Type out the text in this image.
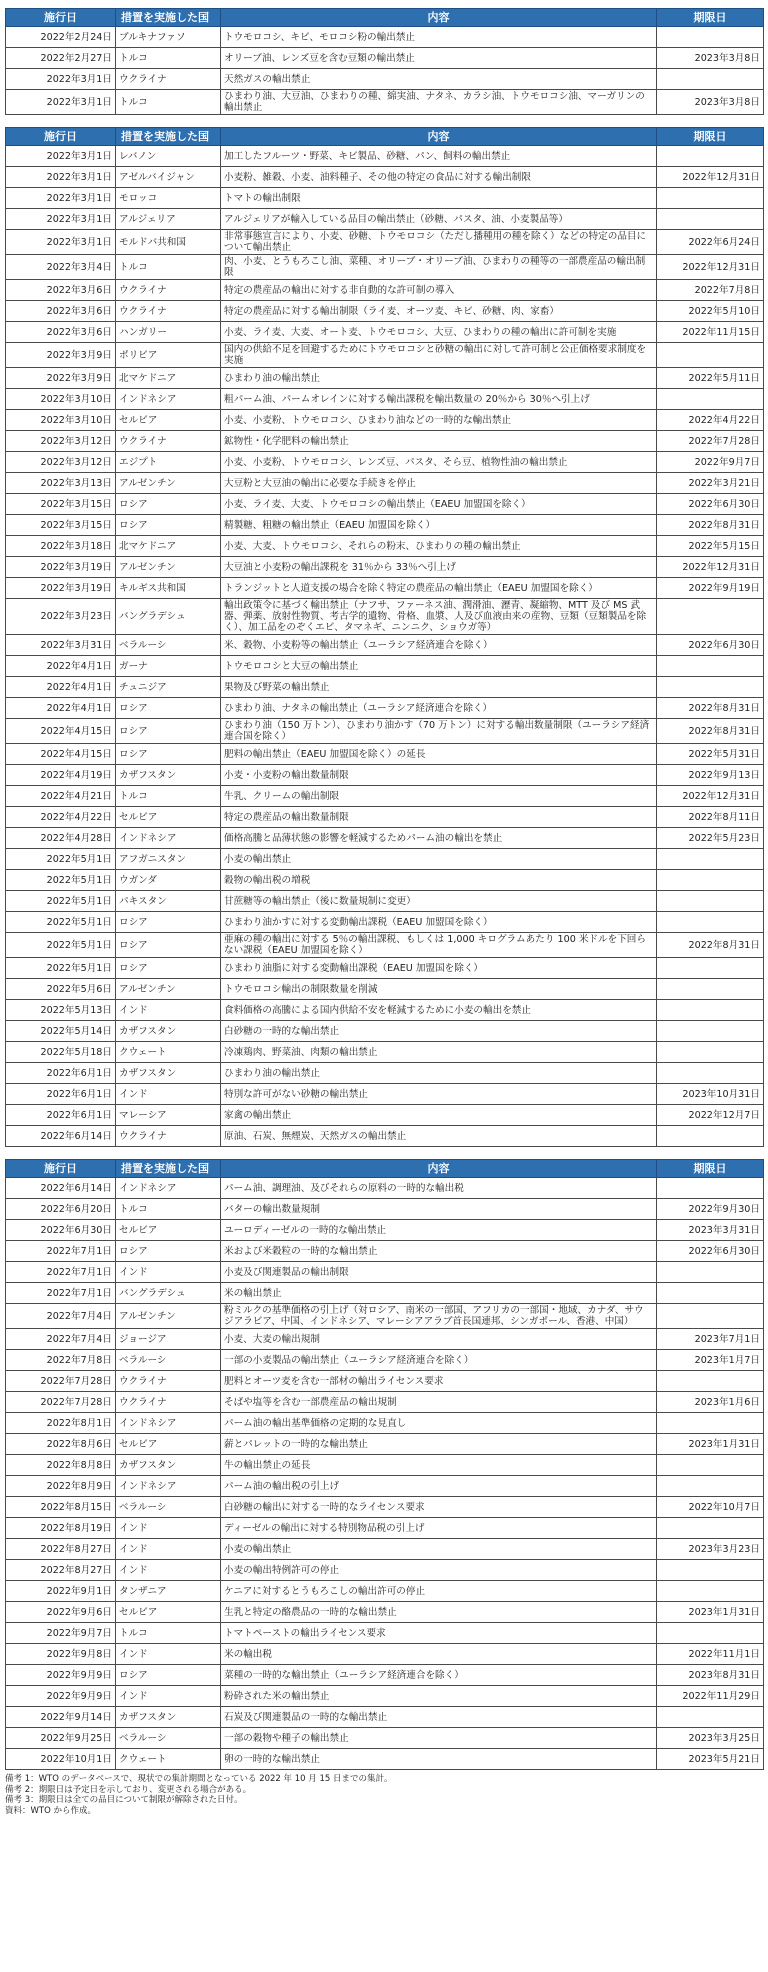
施行日	措置を実施した国	内容	期限日
2022年2月24日	ブルキナファソ	トウモロコシ、キビ、モロコシ粉の輸出禁止	
2022年2月27日	トルコ	オリーブ油、レンズ豆を含む豆類の輸出禁止	2023年3月8日
2022年3月1日	ウクライナ	天然ガスの輸出禁止	
2022年3月1日	トルコ	ひまわり油、大豆油、ひまわりの種、綿実油、ナタネ、カラシ油、トウモロコシ油、マーガリンの輸出禁止	2023年3月8日
施行日	措置を実施した国	内容	期限日
2022年3月1日	レバノン	加工したフルーツ・野菜、キビ製品、砂糖、パン、飼料の輸出禁止	
2022年3月1日	アゼルバイジャン	小麦粉、雑穀、小麦、油料種子、その他の特定の食品に対する輸出制限	2022年12月31日
2022年3月1日	モロッコ	トマトの輸出制限	
2022年3月1日	アルジェリア	アルジェリアが輸入している品目の輸出禁止（砂糖、パスタ、油、小麦製品等）	
2022年3月1日	モルドバ共和国	非常事態宣言により、小麦、砂糖、トウモロコシ（ただし播種用の種を除く）などの特定の品目について輸出禁止	2022年6月24日
2022年3月4日	トルコ	肉、小麦、とうもろこし油、菜種、オリーブ・オリーブ油、ひまわりの種等の一部農産品の輸出制限	2022年12月31日
2022年3月6日	ウクライナ	特定の農産品の輸出に対する非自動的な許可制の導入	2022年7月8日
2022年3月6日	ウクライナ	特定の農産品に対する輸出制限（ライ麦、オーツ麦、キビ、砂糖、肉、家畜）	2022年5月10日
2022年3月6日	ハンガリー	小麦、ライ麦、大麦、オート麦、トウモロコシ、大豆、ひまわりの種の輸出に許可制を実施	2022年11月15日
2022年3月9日	ボリビア	国内の供給不足を回避するためにトウモロコシと砂糖の輸出に対して許可制と公正価格要求制度を実施	
2022年3月9日	北マケドニア	ひまわり油の輸出禁止	2022年5月11日
2022年3月10日	インドネシア	粗パーム油、パームオレインに対する輸出課税を輸出数量の 20％から 30％へ引上げ	
2022年3月10日	セルビア	小麦、小麦粉、トウモロコシ、ひまわり油などの一時的な輸出禁止	2022年4月22日
2022年3月12日	ウクライナ	鉱物性・化学肥料の輸出禁止	2022年7月28日
2022年3月12日	エジプト	小麦、小麦粉、トウモロコシ、レンズ豆、パスタ、そら豆、植物性油の輸出禁止	2022年9月7日
2022年3月13日	アルゼンチン	大豆粉と大豆油の輸出に必要な手続きを停止	2022年3月21日
2022年3月15日	ロシア	小麦、ライ麦、大麦、トウモロコシの輸出禁止（EAEU 加盟国を除く）	2022年6月30日
2022年3月15日	ロシア	精製糖、粗糖の輸出禁止（EAEU 加盟国を除く）	2022年8月31日
2022年3月18日	北マケドニア	小麦、大麦、トウモロコシ、それらの粉末、ひまわりの種の輸出禁止	2022年5月15日
2022年3月19日	アルゼンチン	大豆油と小麦粉の輸出課税を 31％から 33％へ引上げ	2022年12月31日
2022年3月19日	キルギス共和国	トランジットと人道支援の場合を除く特定の農産品の輸出禁止（EAEU 加盟国を除く）	2022年9月19日
2022年3月23日	バングラデシュ	輸出政策令に基づく輸出禁止（ナフサ、ファーネス油、潤滑油、瀝青、凝縮物、MTT 及び MS 武器、弾薬、放射性物質、考古学的遺物、骨格、血漿、人及び血液由来の産物、豆類（豆類製品を除く）、加工品をのぞくエビ、タマネギ、ニンニク、ショウガ等）	
2022年3月31日	ベラルーシ	米、穀物、小麦粉等の輸出禁止（ユーラシア経済連合を除く）	2022年6月30日
2022年4月1日	ガーナ	トウモロコシと大豆の輸出禁止	
2022年4月1日	チュニジア	果物及び野菜の輸出禁止	
2022年4月1日	ロシア	ひまわり油、ナタネの輸出禁止（ユーラシア経済連合を除く）	2022年8月31日
2022年4月15日	ロシア	ひまわり油（150 万トン）、ひまわり油かす（70 万トン）に対する輸出数量制限（ユーラシア経済連合国を除く）	2022年8月31日
2022年4月15日	ロシア	肥料の輸出禁止（EAEU 加盟国を除く）の延長	2022年5月31日
2022年4月19日	カザフスタン	小麦・小麦粉の輸出数量制限	2022年9月13日
2022年4月21日	トルコ	牛乳、クリームの輸出制限	2022年12月31日
2022年4月22日	セルビア	特定の農産品の輸出数量制限	2022年8月11日
2022年4月28日	インドネシア	価格高騰と品薄状態の影響を軽減するためパーム油の輸出を禁止	2022年5月23日
2022年5月1日	アフガニスタン	小麦の輸出禁止	
2022年5月1日	ウガンダ	穀物の輸出税の増税	
2022年5月1日	パキスタン	甘蔗糖等の輸出禁止（後に数量規制に変更）	
2022年5月1日	ロシア	ひまわり油かすに対する変動輸出課税（EAEU 加盟国を除く）	
2022年5月1日	ロシア	亜麻の種の輸出に対する 5％の輸出課税、もしくは 1,000 キログラムあたり 100 米ドルを下回らない課税（EAEU 加盟国を除く）	2022年8月31日
2022年5月1日	ロシア	ひまわり油脂に対する変動輸出課税（EAEU 加盟国を除く）	
2022年5月6日	アルゼンチン	トウモロコシ輸出の制限数量を削減	
2022年5月13日	インド	食料価格の高騰による国内供給不安を軽減するために小麦の輸出を禁止	
2022年5月14日	カザフスタン	白砂糖の一時的な輸出禁止	
2022年5月18日	クウェート	冷凍鶏肉、野菜油、肉類の輸出禁止	
2022年6月1日	カザフスタン	ひまわり油の輸出禁止	
2022年6月1日	インド	特別な許可がない砂糖の輸出禁止	2023年10月31日
2022年6月1日	マレーシア	家禽の輸出禁止	2022年12月7日
2022年6月14日	ウクライナ	原油、石炭、無煙炭、天然ガスの輸出禁止	
施行日	措置を実施した国	内容	期限日
2022年6月14日	インドネシア	パーム油、調理油、及びそれらの原料の一時的な輸出税	
2022年6月20日	トルコ	バターの輸出数量規制	2022年9月30日
2022年6月30日	セルビア	ユーロディーゼルの一時的な輸出禁止	2023年3月31日
2022年7月1日	ロシア	米および米穀粒の一時的な輸出禁止	2022年6月30日
2022年7月1日	インド	小麦及び関連製品の輸出制限	
2022年7月1日	バングラデシュ	米の輸出禁止	
2022年7月4日	アルゼンチン	粉ミルクの基準価格の引上げ（対ロシア、南米の一部国、アフリカの一部国・地域、カナダ、サウジアラビア、中国、インドネシア、マレーシアアラブ首長国連邦、シンガポール、香港、中国）	
2022年7月4日	ジョージア	小麦、大麦の輸出規制	2023年7月1日
2022年7月8日	ベラルーシ	一部の小麦製品の輸出禁止（ユーラシア経済連合を除く）	2023年1月7日
2022年7月28日	ウクライナ	肥料とオーツ麦を含む一部材の輸出ライセンス要求	
2022年7月28日	ウクライナ	そばや塩等を含む一部農産品の輸出規制	2023年1月6日
2022年8月1日	インドネシア	パーム油の輸出基準価格の定期的な見直し	
2022年8月6日	セルビア	薪とパレットの一時的な輸出禁止	2023年1月31日
2022年8月8日	カザフスタン	牛の輸出禁止の延長	
2022年8月9日	インドネシア	パーム油の輸出税の引上げ	
2022年8月15日	ベラルーシ	白砂糖の輸出に対する一時的なライセンス要求	2022年10月7日
2022年8月19日	インド	ディーゼルの輸出に対する特別物品税の引上げ	
2022年8月27日	インド	小麦の輸出禁止	2023年3月23日
2022年8月27日	インド	小麦の輸出特例許可の停止	
2022年9月1日	タンザニア	ケニアに対するとうもろこしの輸出許可の停止	
2022年9月6日	セルビア	生乳と特定の酪農品の一時的な輸出禁止	2023年1月31日
2022年9月7日	トルコ	トマトペーストの輸出ライセンス要求	
2022年9月8日	インド	米の輸出税	2022年11月1日
2022年9月9日	ロシア	菜種の一時的な輸出禁止（ユーラシア経済連合を除く）	2023年8月31日
2022年9月9日	インド	粉砕された米の輸出禁止	2022年11月29日
2022年9月14日	カザフスタン	石炭及び関連製品の一時的な輸出禁止	
2022年9月25日	ベラルーシ	一部の穀物や種子の輸出禁止	2023年3月25日
2022年10月1日	クウェート	卵の一時的な輸出禁止	2023年5月21日
備考 1：WTO のデータベースで、現状での集計期間となっている 2022 年 10 月 15 日までの集計。
備考 2：期限日は予定日を示しており、変更される場合がある。
備考 3：期限日は全ての品目について制限が解除された日付。
資料：WTO から作成。
